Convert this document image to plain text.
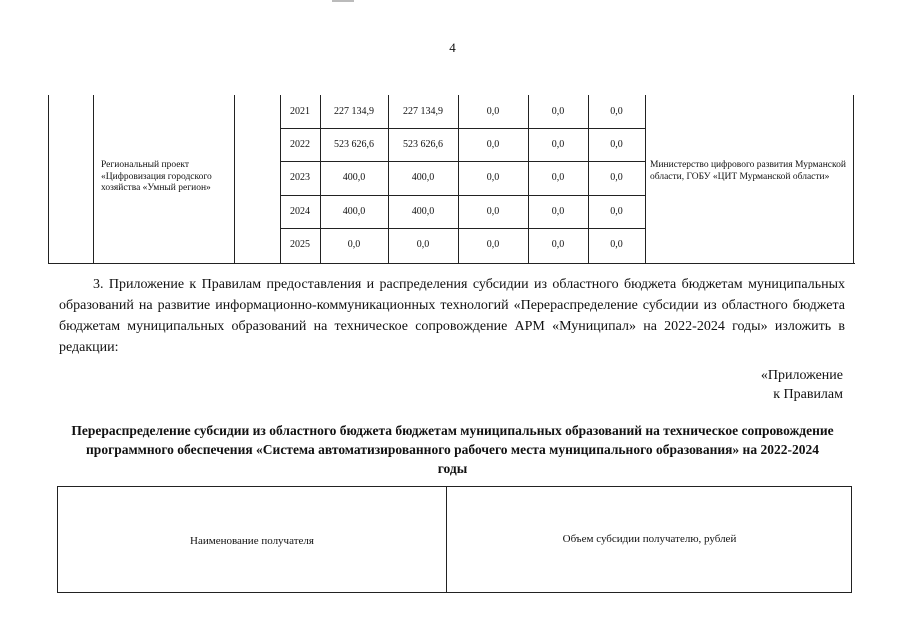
4
Региональный проект «Цифровизация городского хозяйства «Умный регион»
Министерство цифрового развития Мурманской области, ГОБУ «ЦИТ Мурманской области»
2021	227 134,9	227 134,9	0,0	0,0	0,0
2022	523 626,6	523 626,6	0,0	0,0	0,0
2023	400,0	400,0	0,0	0,0	0,0
2024	400,0	400,0	0,0	0,0	0,0
2025	0,0	0,0	0,0	0,0	0,0

3. Приложение к Правилам предоставления и распределения субсидии из областного бюджета бюджетам муниципальных образований на развитие информационно-коммуникационных технологий «Перераспределение субсидии из областного бюджета бюджетам муниципальных образований на техническое сопровождение АРМ «Муниципал» на 2022-2024 годы» изложить в редакции:

«Приложение
к Правилам

Перераспределение субсидии из областного бюджета бюджетам муниципальных образований на техническое сопровождение программного обеспечения «Система автоматизированного рабочего места муниципального образования» на 2022-2024 годы

Наименование получателя	Объем субсидии получателю, рублей
